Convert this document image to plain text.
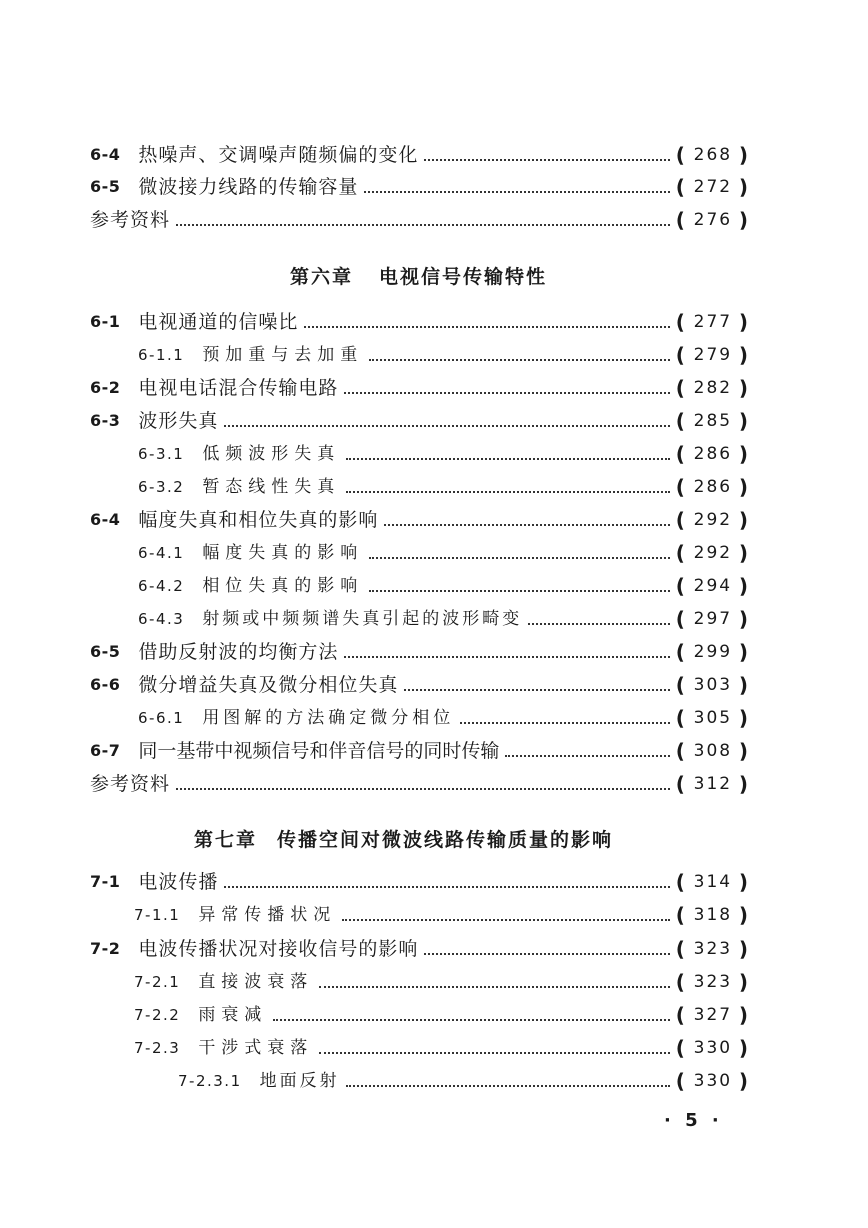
6-4 热噪声、交调噪声随频偏的变化	( 268 )
6-5 微波接力线路的传输容量	( 272 )
参考资料	( 276 )
第六章 电视信号传输特性
6-1 电视通道的信噪比	( 277 )
6-1.1 预加重与去加重	( 279 )
6-2 电视电话混合传输电路	( 282 )
6-3 波形失真	( 285 )
6-3.1 低频波形失真	( 286 )
6-3.2 暂态线性失真	( 286 )
6-4 幅度失真和相位失真的影响	( 292 )
6-4.1 幅度失真的影响	( 292 )
6-4.2 相位失真的影响	( 294 )
6-4.3 射频或中频频谱失真引起的波形畸变	( 297 )
6-5 借助反射波的均衡方法	( 299 )
6-6 微分增益失真及微分相位失真	( 303 )
6-6.1 用图解的方法确定微分相位	( 305 )
6-7 同一基带中视频信号和伴音信号的同时传输	( 308 )
参考资料	( 312 )
第七章 传播空间对微波线路传输质量的影响
7-1 电波传播	( 314 )
7-1.1 异常传播状况	( 318 )
7-2 电波传播状况对接收信号的影响	( 323 )
7-2.1 直接波衰落	( 323 )
7-2.2 雨衰减	( 327 )
7-2.3 干涉式衰落	( 330 )
7-2.3.1 地面反射	( 330 )
· 5 ·
